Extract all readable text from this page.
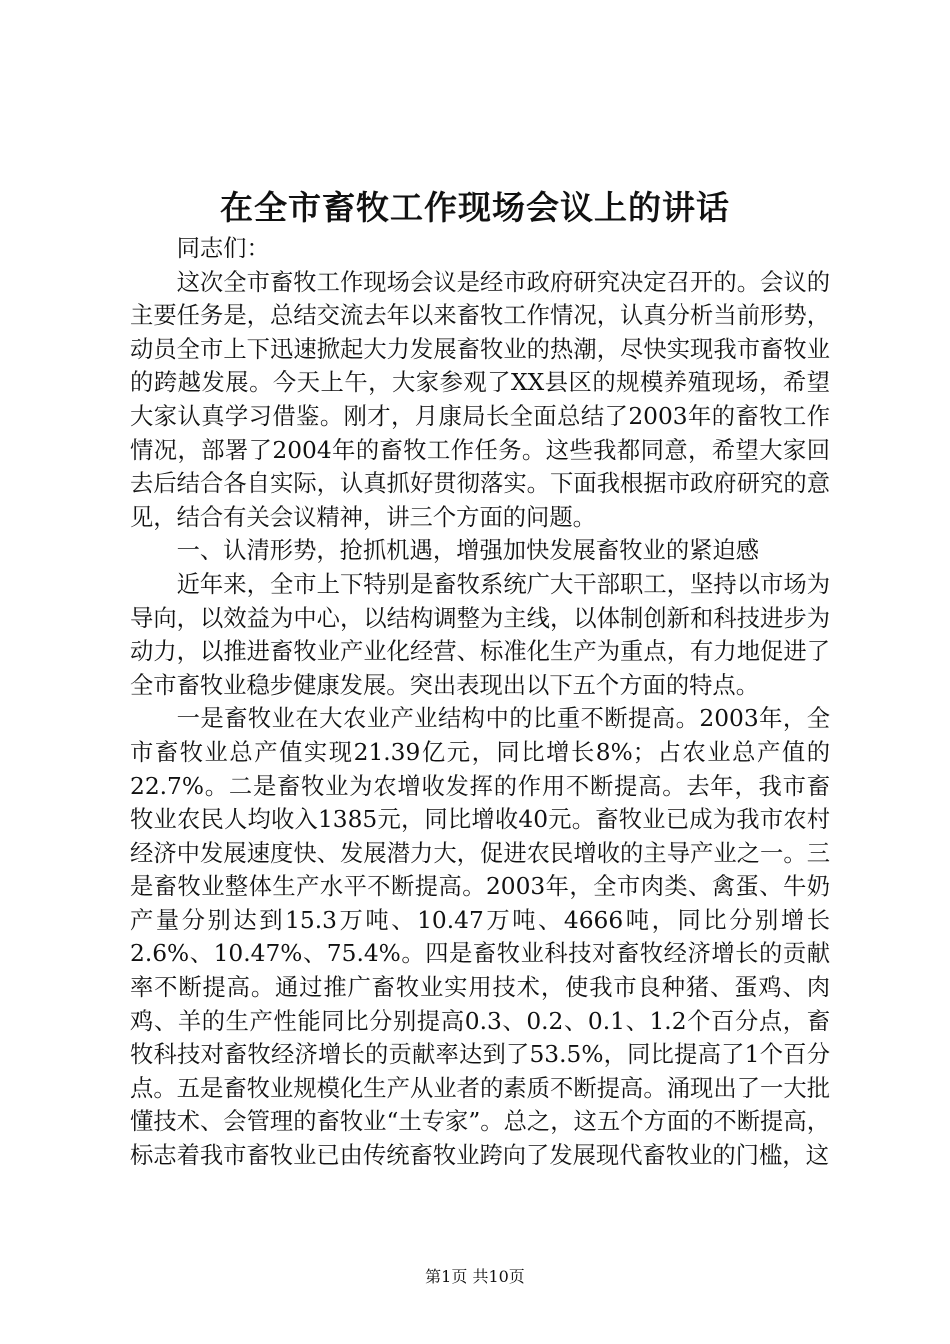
在全市畜牧工作现场会议上的讲话

同志们：

这次全市畜牧工作现场会议是经市政府研究决定召开的。会议的主要任务是，总结交流去年以来畜牧工作情况，认真分析当前形势，动员全市上下迅速掀起大力发展畜牧业的热潮，尽快实现我市畜牧业的跨越发展。今天上午，大家参观了XX县区的规模养殖现场，希望大家认真学习借鉴。刚才，月康局长全面总结了2003年的畜牧工作情况，部署了2004年的畜牧工作任务。这些我都同意，希望大家回去后结合各自实际，认真抓好贯彻落实。下面我根据市政府研究的意见，结合有关会议精神，讲三个方面的问题。

一、认清形势，抢抓机遇，增强加快发展畜牧业的紧迫感

近年来，全市上下特别是畜牧系统广大干部职工，坚持以市场为导向，以效益为中心，以结构调整为主线，以体制创新和科技进步为动力，以推进畜牧业产业化经营、标准化生产为重点，有力地促进了全市畜牧业稳步健康发展。突出表现出以下五个方面的特点。

一是畜牧业在大农业产业结构中的比重不断提高。2003年，全市畜牧业总产值实现21.39亿元，同比增长8%；占农业总产值的22.7%。二是畜牧业为农增收发挥的作用不断提高。去年，我市畜牧业农民人均收入1385元，同比增收40元。畜牧业已成为我市农村经济中发展速度快、发展潜力大，促进农民增收的主导产业之一。三是畜牧业整体生产水平不断提高。2003年，全市肉类、禽蛋、牛奶产量分别达到15.3万吨、10.47万吨、4666吨，同比分别增长2.6%、10.47%、75.4%。四是畜牧业科技对畜牧经济增长的贡献率不断提高。通过推广畜牧业实用技术，使我市良种猪、蛋鸡、肉鸡、羊的生产性能同比分别提高0.3、0.2、0.1、1.2个百分点，畜牧科技对畜牧经济增长的贡献率达到了53.5%，同比提高了1个百分点。五是畜牧业规模化生产从业者的素质不断提高。涌现出了一大批懂技术、会管理的畜牧业“土专家”。总之，这五个方面的不断提高，标志着我市畜牧业已由传统畜牧业跨向了发展现代畜牧业的门槛，这

第1页 共10页
